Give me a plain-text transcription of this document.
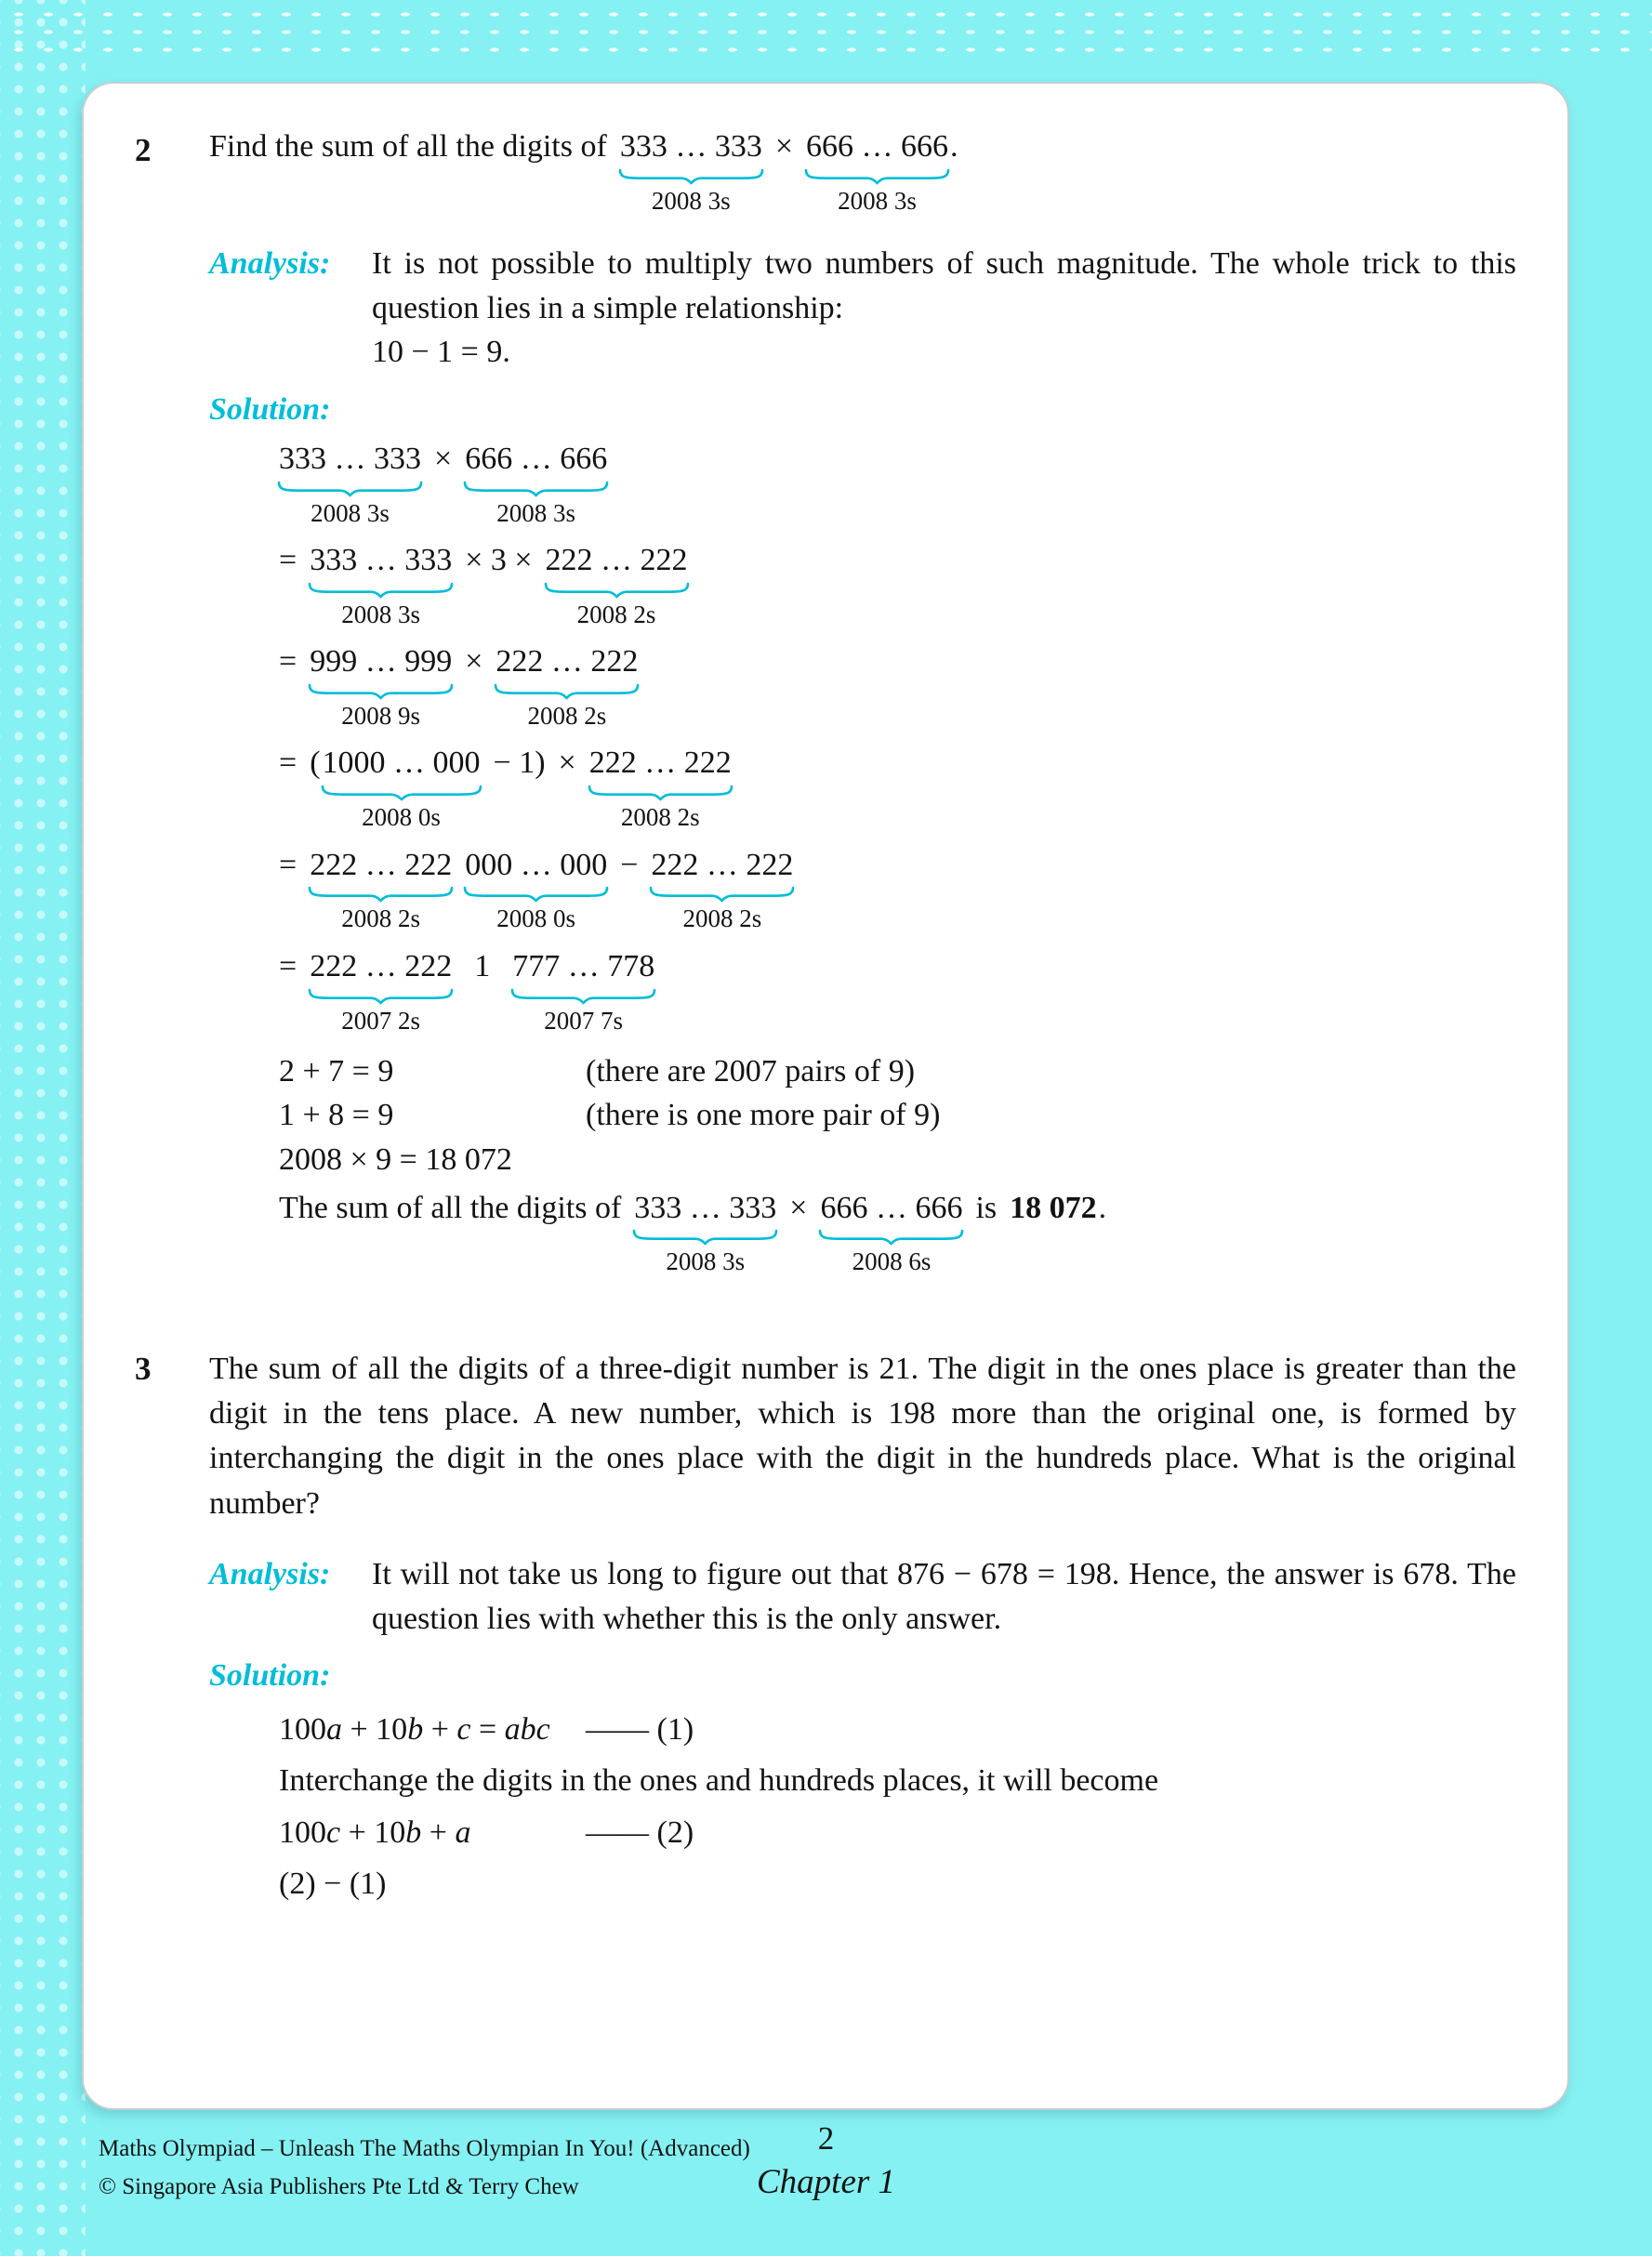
2	Find the sum of all the digits of 333 … 333
2008 3s
× 666 … 666
2008 3s
.
Analysis:	It is not possible to multiply two numbers of such magnitude. The whole trick to this question lies in a simple relationship:

10 − 1 = 9.

Solution:
333 … 333
2008 3s
× 666 … 666
2008 3s
= 333 … 333
2008 3s
× 3 × 222 … 222
2008 2s
= 999 … 999
2008 9s
× 222 … 222
2008 2s
= ( 1000 … 000
2008 0s
− 1) × 222 … 222
2008 2s
= 222 … 222
2008 2s
000 … 000
2008 0s
− 222 … 222
2008 2s
= 222 … 222
2007 2s
1 777 … 778
2007 7s
2 + 7 = 9	(there are 2007 pairs of 9)
1 + 8 = 9	(there is one more pair of 9)
2008 × 9 = 18 072
The sum of all the digits of 333 … 333
2008 3s
× 666 … 666
2008 6s
is 18 072 .
3	The sum of all the digits of a three-digit number is 21. The digit in the ones place is greater than the digit in the tens place. A new number, which is 198 more than the original one, is formed by interchanging the digit in the ones place with the digit in the hundreds place. What is the original number?

Analysis:	It will not take us long to figure out that 876 − 678 = 198. Hence, the answer is 678. The question lies with whether this is the only answer.

Solution:
100a + 10b + c = abc —— (1)
Interchange the digits in the ones and hundreds places, it will become
100c + 10b + a	—— (2)
(2) − (1)
Maths Olympiad – Unleash The Maths Olympian In You! (Advanced)
© Singapore Asia Publishers Pte Ltd & Terry Chew
2
Chapter 1
